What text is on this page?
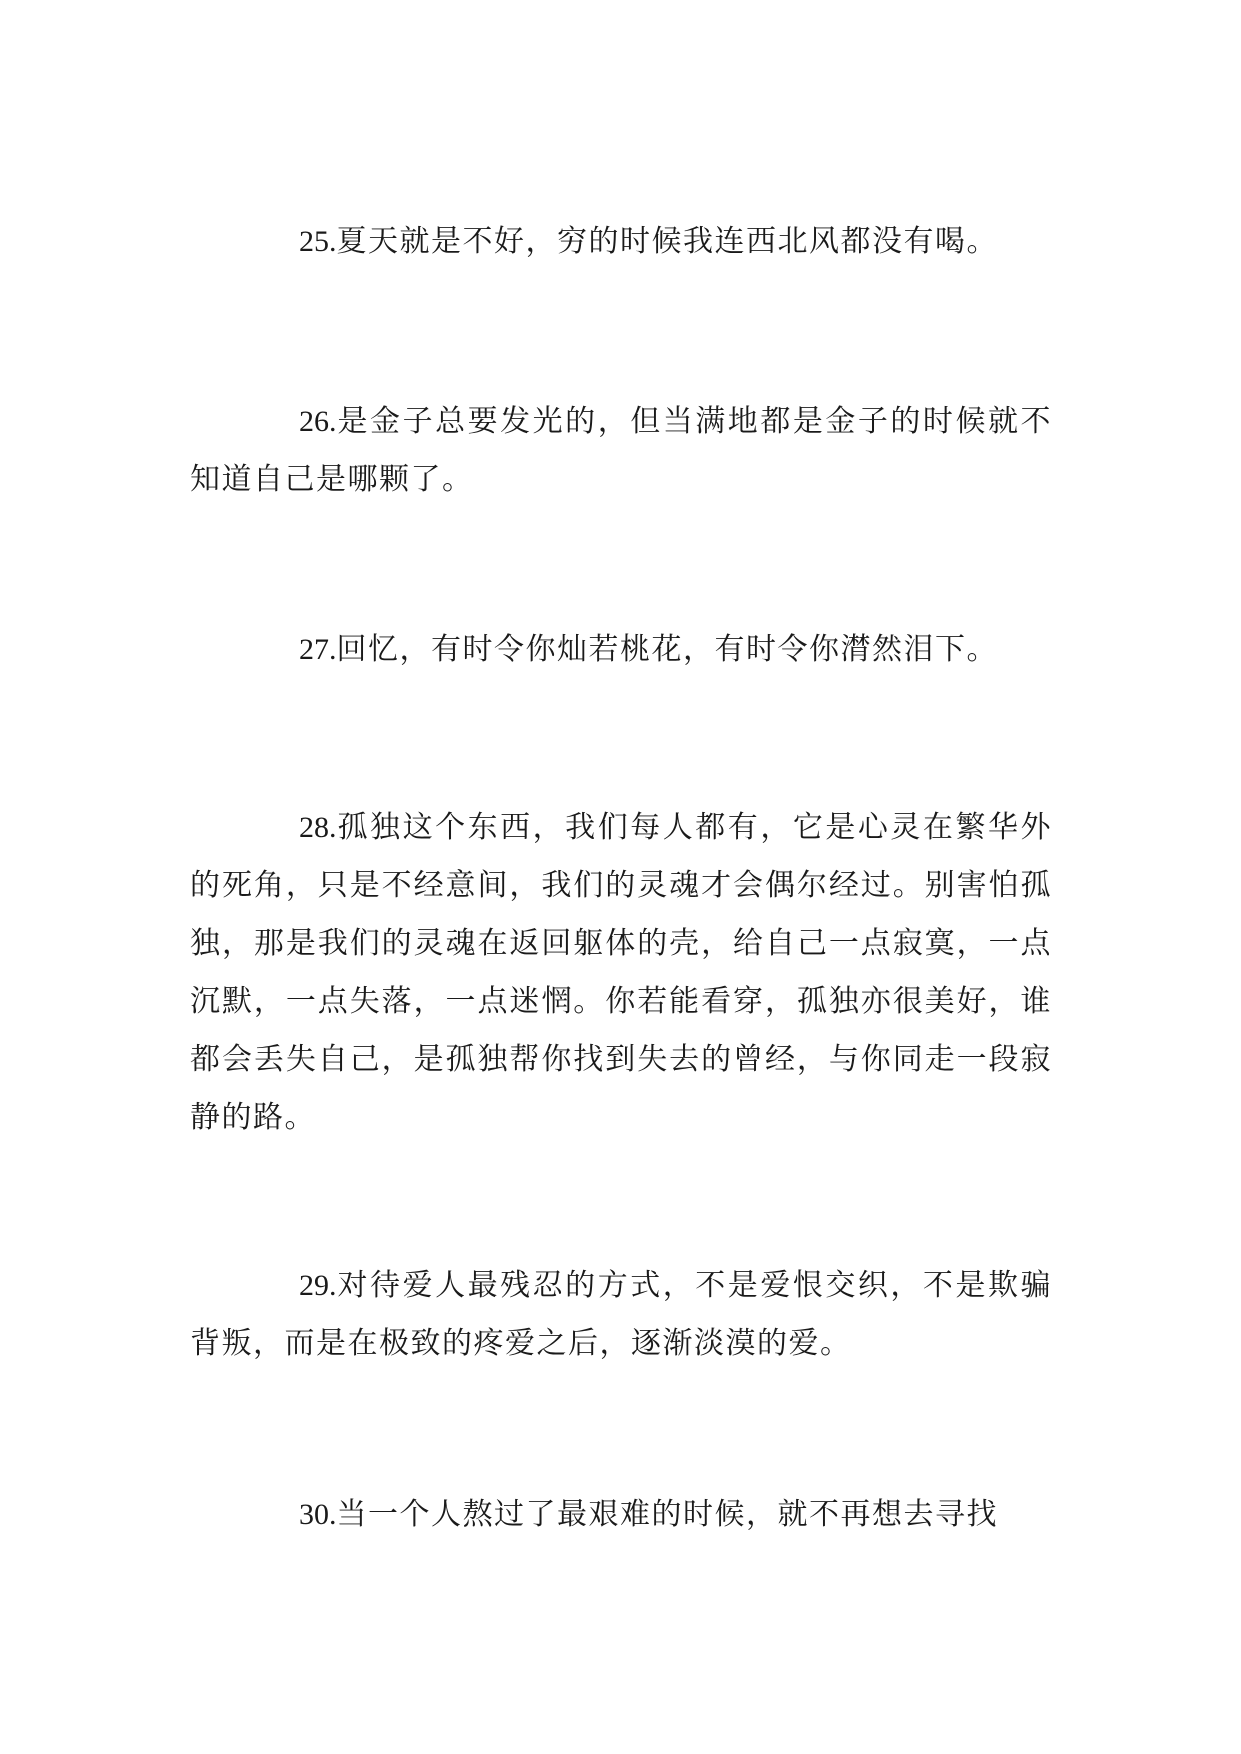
25.夏天就是不好，穷的时候我连西北风都没有喝。

26.是金子总要发光的，但当满地都是金子的时候就不知道自己是哪颗了。

27.回忆，有时令你灿若桃花，有时令你潸然泪下。

28.孤独这个东西，我们每人都有，它是心灵在繁华外的死角，只是不经意间，我们的灵魂才会偶尔经过。别害怕孤独，那是我们的灵魂在返回躯体的壳，给自己一点寂寞，一点沉默，一点失落，一点迷惘。你若能看穿，孤独亦很美好，谁都会丢失自己，是孤独帮你找到失去的曾经，与你同走一段寂静的路。

29.对待爱人最残忍的方式，不是爱恨交织，不是欺骗背叛，而是在极致的疼爱之后，逐渐淡漠的爱。

30.当一个人熬过了最艰难的时候，就不再想去寻找
